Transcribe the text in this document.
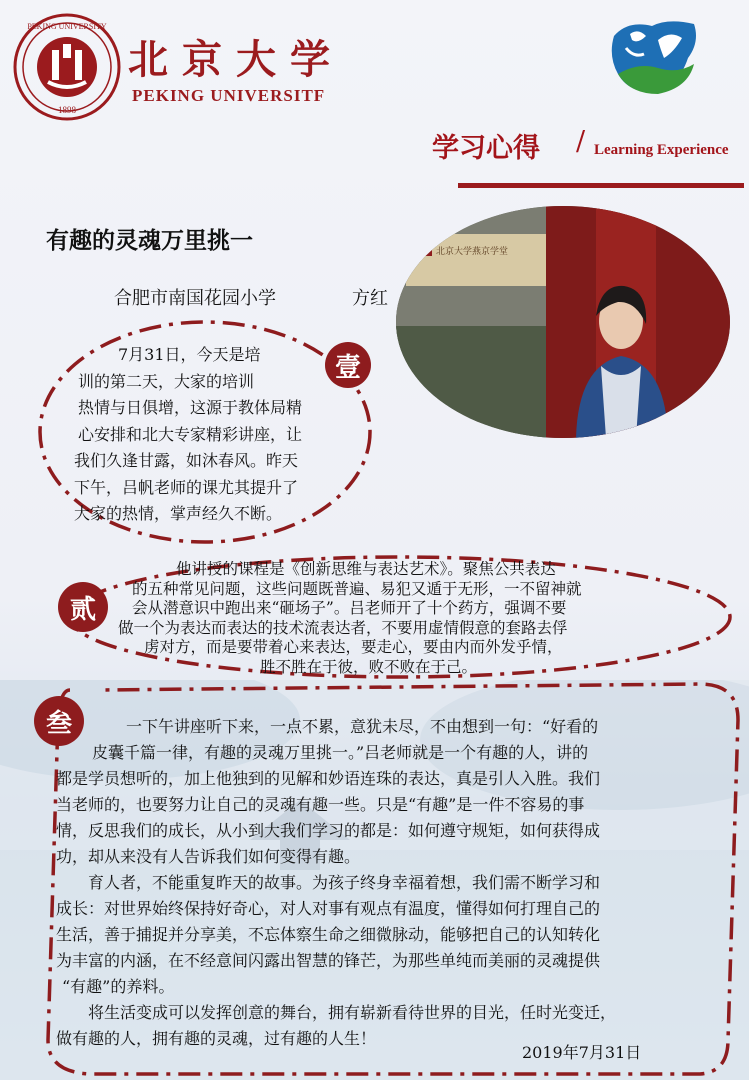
PEKING UNIVERSITY
1898
北京大学
PEKING UNIVERSITF
学习心得 / Learning Experience
有趣的灵魂万里挑一
合肥市南国花园小学	方红
北京大学燕京学堂
壹
贰
叁
7月31日，今天是培
训的第二天，大家的培训
热情与日俱增，这源于教体局精
心安排和北大专家精彩讲座，让
我们久逢甘露，如沐春风。昨天
下午，吕帆老师的课尤其提升了
大家的热情，掌声经久不断。
他讲授的课程是《创新思维与表达艺术》。聚焦公共表达
的五种常见问题，这些问题既普遍、易犯又遁于无形，一不留神就
会从潜意识中跑出来“砸场子”。吕老师开了十个药方，强调不要
做一个为表达而表达的技术流表达者，不要用虚情假意的套路去俘
虏对方，而是要带着心来表达，要走心，要由内而外发乎情，
胜不胜在于彼，败不败在于己。
一下午讲座听下来，一点不累，意犹未尽，不由想到一句：“好看的
皮囊千篇一律，有趣的灵魂万里挑一。”吕老师就是一个有趣的人，讲的
都是学员想听的，加上他独到的见解和妙语连珠的表达，真是引人入胜。我们
当老师的，也要努力让自己的灵魂有趣一些。只是“有趣”是一件不容易的事
情，反思我们的成长，从小到大我们学习的都是：如何遵守规矩，如何获得成
功，却从来没有人告诉我们如何变得有趣。
育人者，不能重复昨天的故事。为孩子终身幸福着想，我们需不断学习和
成长：对世界始终保持好奇心，对人对事有观点有温度，懂得如何打理自己的
生活，善于捕捉并分享美，不忘体察生命之细微脉动，能够把自己的认知转化
为丰富的内涵，在不经意间闪露出智慧的锋芒，为那些单纯而美丽的灵魂提供
“有趣”的养料。
将生活变成可以发挥创意的舞台，拥有崭新看待世界的目光，任时光变迁，
做有趣的人，拥有趣的灵魂，过有趣的人生！
2019年7月31日
